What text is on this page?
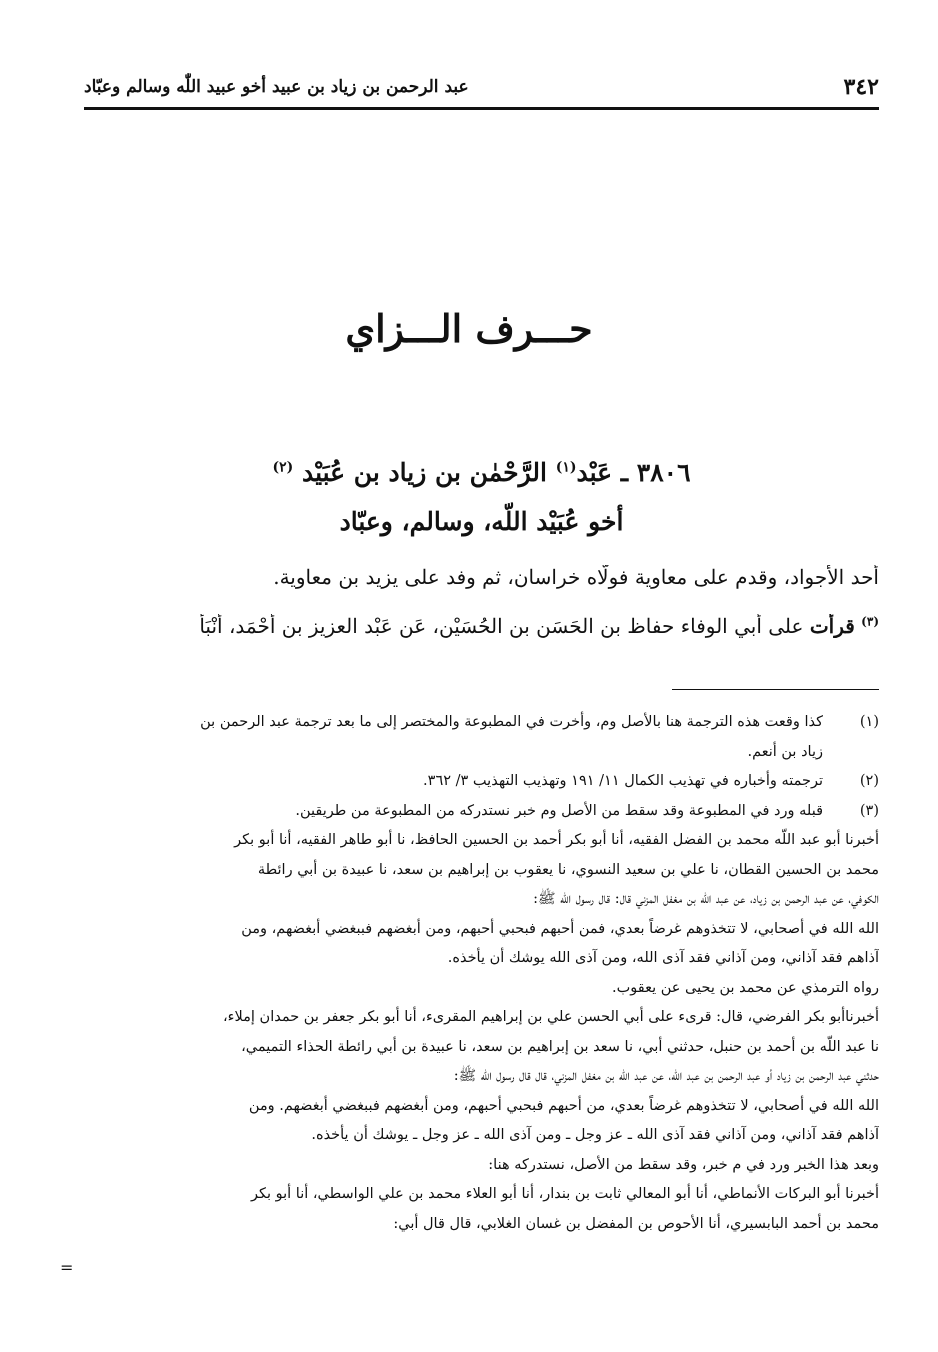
٣٤٢
عبد الرحمن بن زياد بن عبيد أخو عبيد اللّٰه وسالم وعبّاد
حـــرف الـــزاي
٣٨٠٦ ـ عَبْد$^{(١)}$ الرَّحْمٰن بن زياد بن عُبَيْد $^{(٢)}$
أخو عُبَيْد اللّه، وسالم، وعبّاد
أحد الأجواد، وقدم على معاوية فولّاه خراسان، ثم وفد على يزيد بن معاوية.
$^{(٣)}$ قرأت على أَبي الوفاء حفاظ بن الحَسَن بن الحُسَيْن، عَن عَبْد العزيز بن أَحْمَد، أَنْبَأ
(١)
كذا وقعت هذه الترجمة هنا بالأصل وم، وأخرت في المطبوعة والمختصر إلى ما بعد ترجمة عبد الرحمن بن
زياد بن أنعم.
(٢)
ترجمته وأخباره في تهذيب الكمال ١١/ ١٩١ وتهذيب التهذيب ٣/ ٣٦٢.
(٣)
قبله ورد في المطبوعة وقد سقط من الأصل وم خبر نستدركه من المطبوعة من طريقين.
أخبرنا أبو عبد اللّه محمد بن الفضل الفقيه، أنا أبو بكر أحمد بن الحسين الحافظ، نا أبو طاهر الفقيه، أنا أبو بكر
محمد بن الحسين القطان، نا علي بن سعيد النسوي، نا يعقوب بن إبراهيم بن سعد، نا عبيدة بن أبي رائطة
الكوفي، عن عبد الرحمن بن زياد، عن عبد اللّه بن مغفل المزني قال: قال رسول اللّه ﷺ:
الله الله في أصحابي، لا تتخذوهم غرضاً بعدي، فمن أحبهم فبحبي أحبهم، ومن أبغضهم فببغضي أبغضهم، ومن
آذاهم فقد آذاني، ومن آذاني فقد آذى الله، ومن آذى الله يوشك أن يأخذه.
رواه الترمذي عن محمد بن يحيى عن يعقوب.
أخبرناأبو بكر الفرضي، قال: قرىء على أبي الحسن علي بن إبراهيم المقرىء، أنا أبو بكر جعفر بن حمدان إملاء،
نا عبد اللّه بن أحمد بن حنبل، حدثني أبي، نا سعد بن إبراهيم بن سعد، نا عبيدة بن أبي رائطة الحذاء التميمي،
حدثني عبد الرحمن بن زياد أو عبد الرحمن بن عبد اللّه، عن عبد اللّه بن مغفل المزني، قال قال رسول اللّه ﷺ:
الله الله في أصحابي، لا تتخذوهم غرضاً بعدي، من أحبهم فبحبي أحبهم، ومن أبغضهم فببغضي أبغضهم. ومن
آذاهم فقد آذاني، ومن آذاني فقد آذى الله ـ عز وجل ـ ومن آذى الله ـ عز وجل ـ يوشك أن يأخذه.
وبعد هذا الخبر ورد في م خبر، وقد سقط من الأصل، نستدركه هنا:
أخبرنا أبو البركات الأنماطي، أنا أبو المعالي ثابت بن بندار، أنا أبو العلاء محمد بن علي الواسطي، أنا أبو بكر
محمد بن أحمد البابسيري، أنا الأحوص بن المفضل بن غسان الغلابي، قال قال أبي:
=
